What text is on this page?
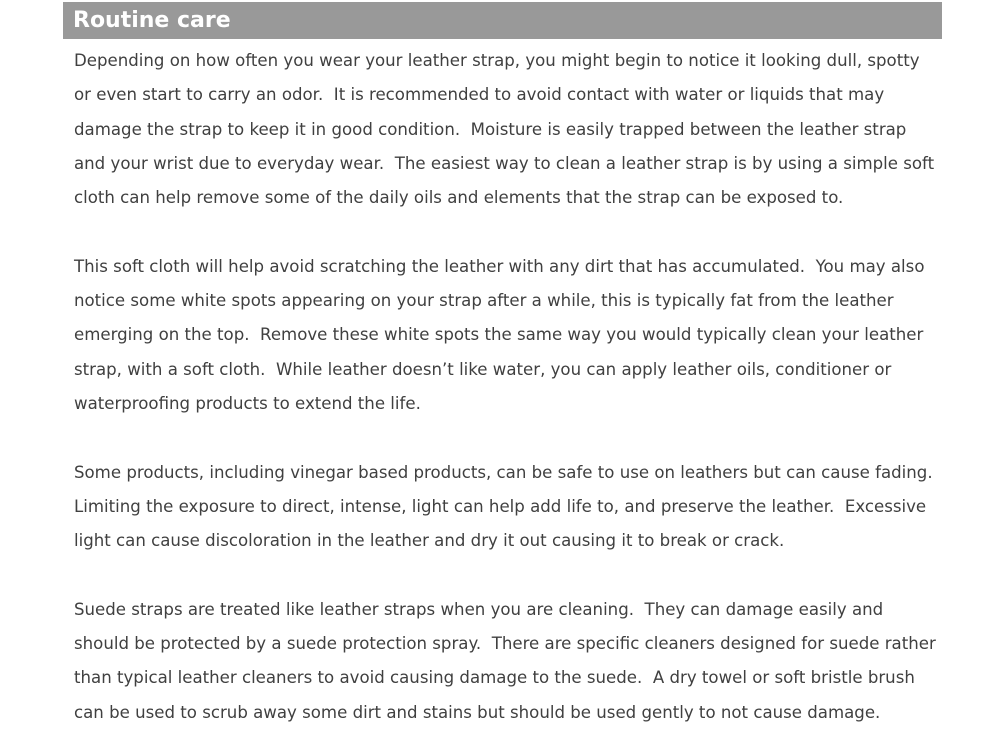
Routine care

Depending on how often you wear your leather strap, you might begin to notice it looking dull, spotty or even start to carry an odor.  It is recommended to avoid contact with water or liquids that may damage the strap to keep it in good condition.  Moisture is easily trapped between the leather strap and your wrist due to everyday wear.  The easiest way to clean a leather strap is by using a simple soft cloth can help remove some of the daily oils and elements that the strap can be exposed to.

This soft cloth will help avoid scratching the leather with any dirt that has accumulated.  You may also notice some white spots appearing on your strap after a while, this is typically fat from the leather emerging on the top.  Remove these white spots the same way you would typically clean your leather strap, with a soft cloth.  While leather doesn’t like water, you can apply leather oils, conditioner or waterproofing products to extend the life.

Some products, including vinegar based products, can be safe to use on leathers but can cause fading.  Limiting the exposure to direct, intense, light can help add life to, and preserve the leather.  Excessive light can cause discoloration in the leather and dry it out causing it to break or crack.

Suede straps are treated like leather straps when you are cleaning.  They can damage easily and should be protected by a suede protection spray.  There are specific cleaners designed for suede rather than typical leather cleaners to avoid causing damage to the suede.  A dry towel or soft bristle brush can be used to scrub away some dirt and stains but should be used gently to not cause damage.
